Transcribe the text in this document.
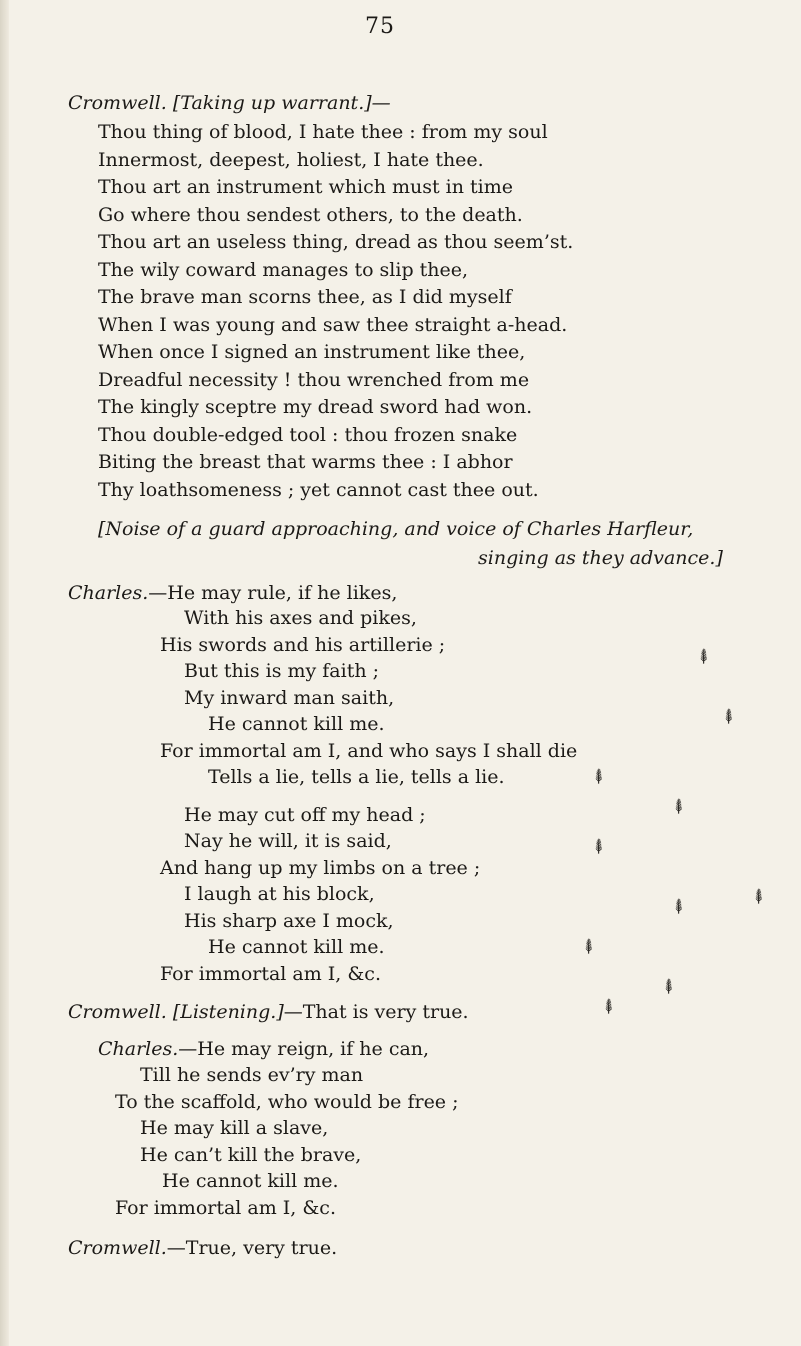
75
Cromwell. [Taking up warrant.]—
Thou thing of blood, I hate thee : from my soul
Innermost, deepest, holiest, I hate thee.
Thou art an instrument which must in time
Go where thou sendest others, to the death.
Thou art an useless thing, dread as thou seem’st.
The wily coward manages to slip thee,
The brave man scorns thee, as I did myself
When I was young and saw thee straight a-head.
When once I signed an instrument like thee,
Dreadful necessity ! thou wrenched from me
The kingly sceptre my dread sword had won.
Thou double-edged tool : thou frozen snake
Biting the breast that warms thee : I abhor
Thy loathsomeness ; yet cannot cast thee out.
[Noise of a guard approaching, and voice of Charles Harfleur,
singing as they advance.]
Charles.—He may rule, if he likes,
With his axes and pikes,
His swords and his artillerie ;
But this is my faith ;
My inward man saith,
He cannot kill me.
For immortal am I, and who says I shall die
Tells a lie, tells a lie, tells a lie.
He may cut off my head ;
Nay he will, it is said,
And hang up my limbs on a tree ;
I laugh at his block,
His sharp axe I mock,
He cannot kill me.
For immortal am I, &c.
Cromwell. [Listening.]—That is very true.
Charles.—He may reign, if he can,
Till he sends ev’ry man
To the scaffold, who would be free ;
He may kill a slave,
He can’t kill the brave,
He cannot kill me.
For immortal am I, &c.
Cromwell.—True, very true.
⸙
⸙
⸙
⸙
⸙
⸙ ⸙
⸙
⸙
⸙
